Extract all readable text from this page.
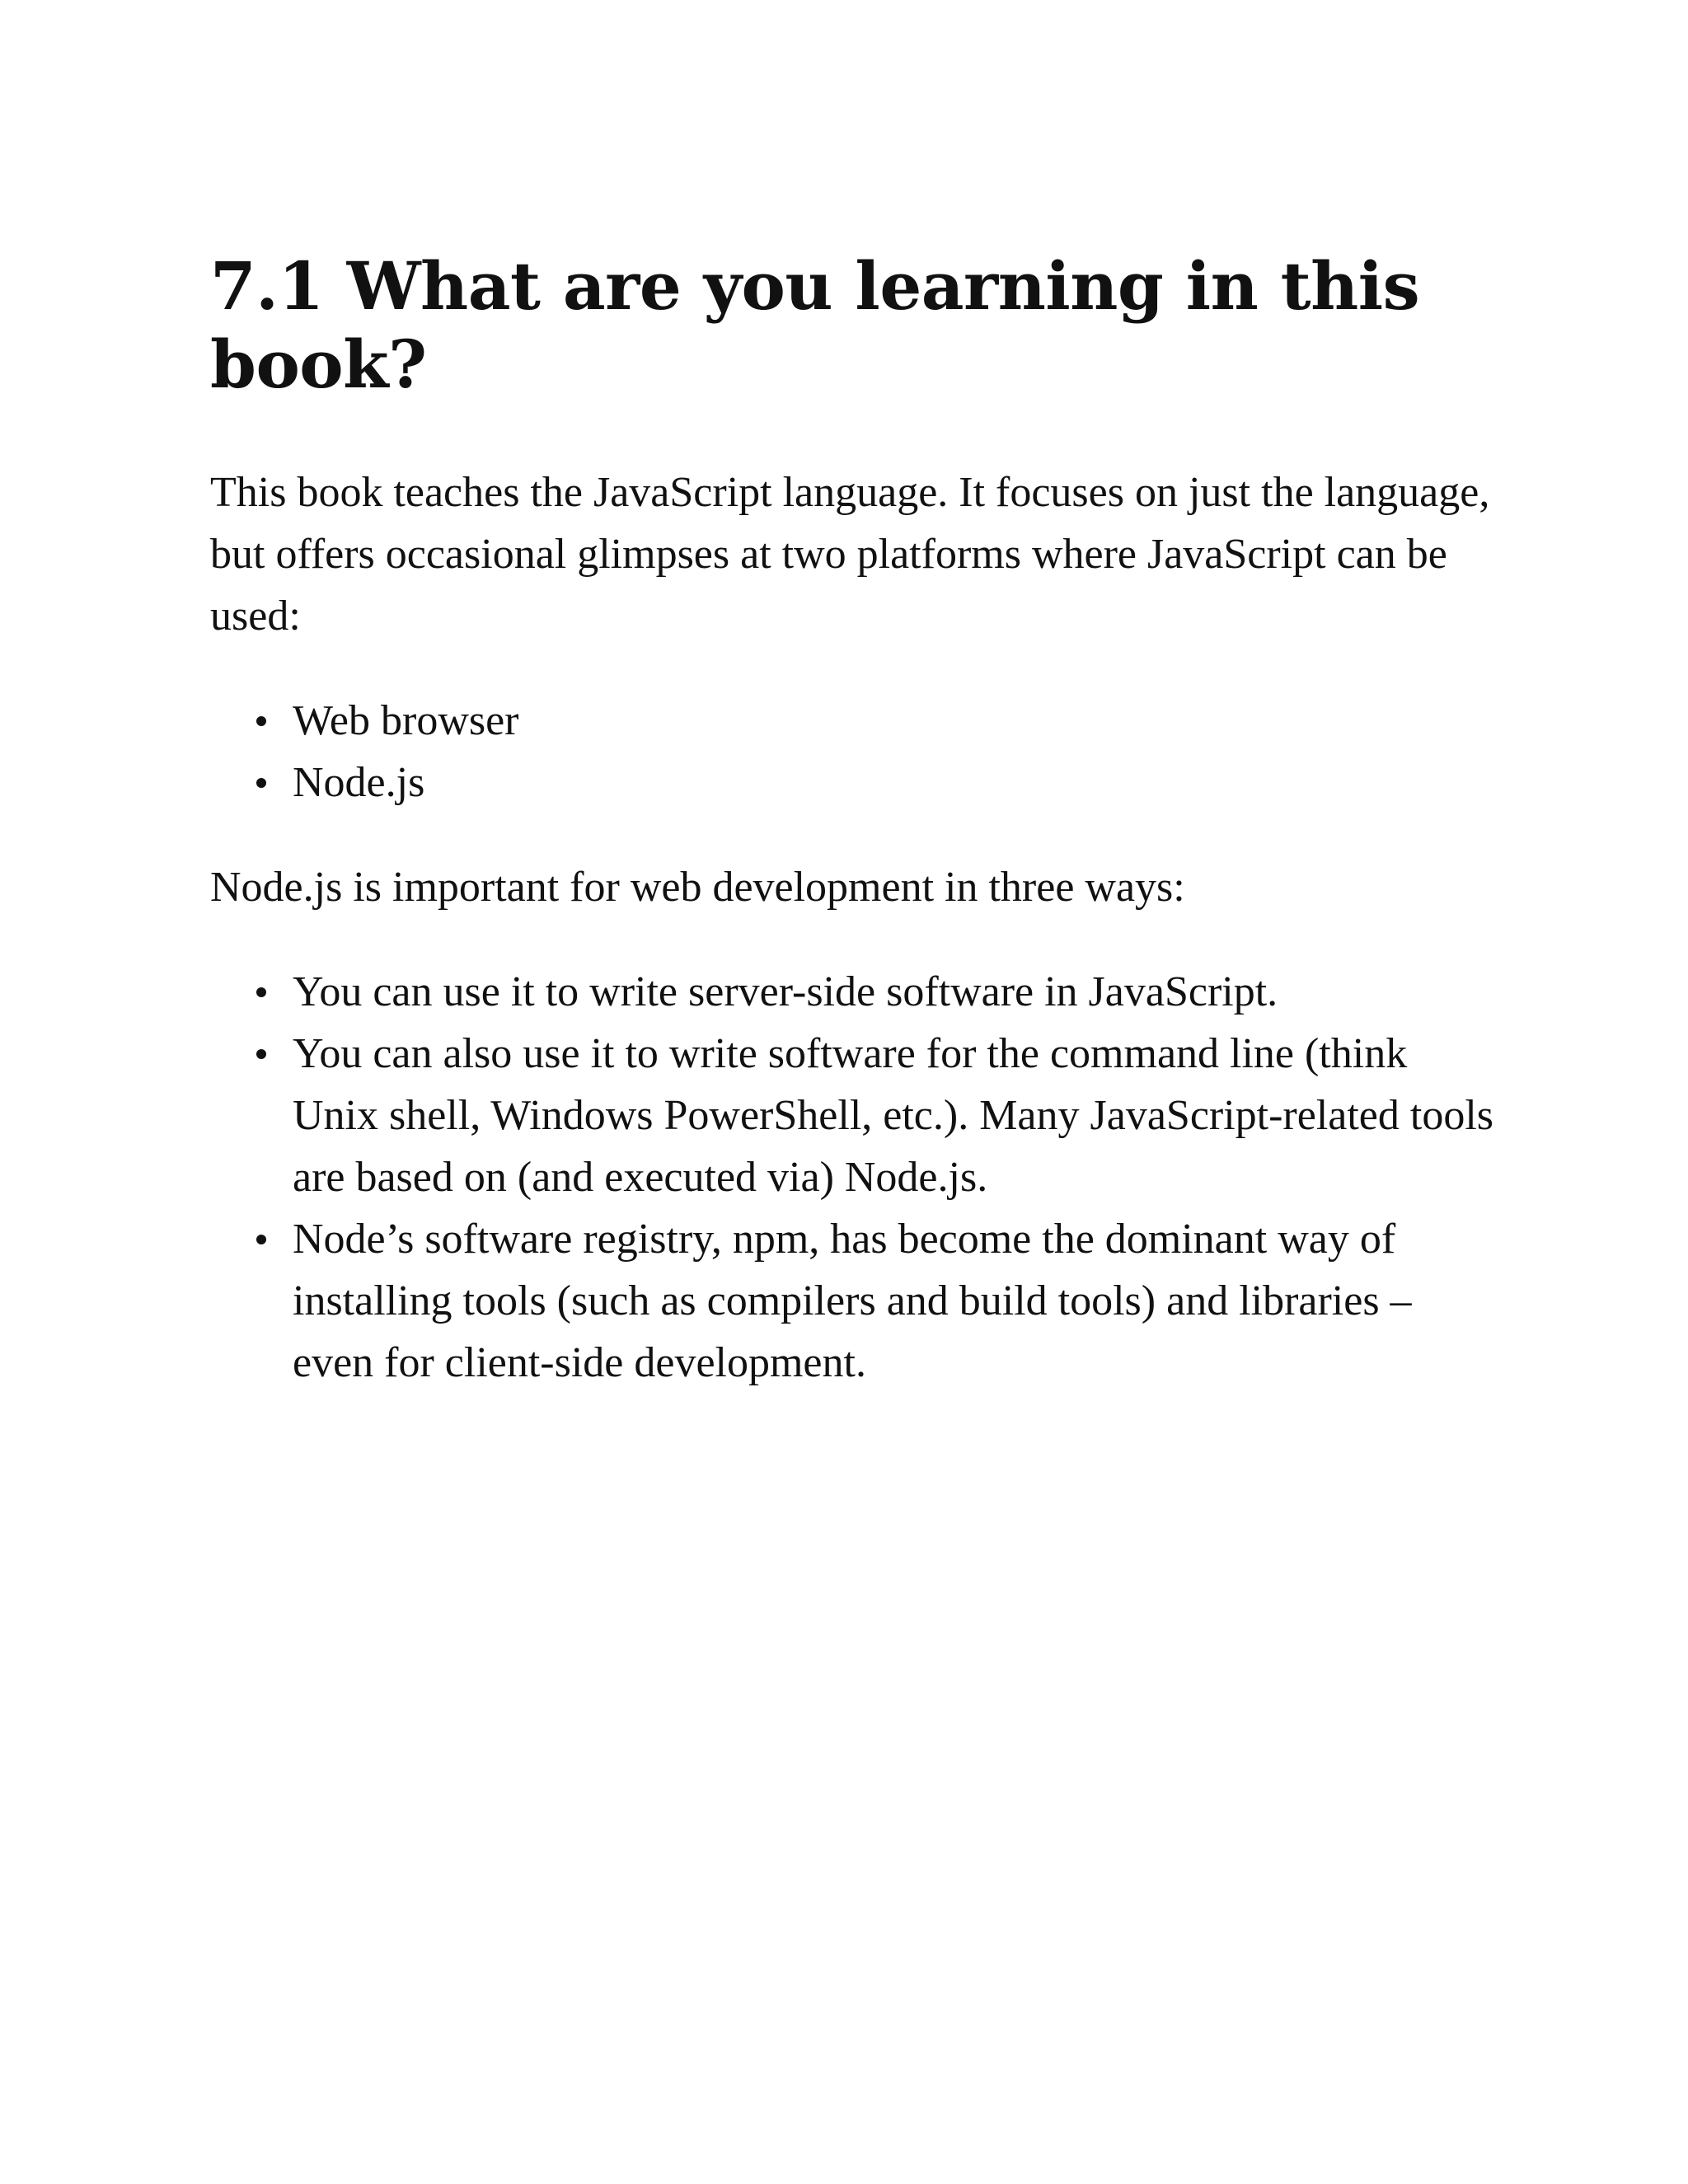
7.1 What are you learning in this book?

This book teaches the JavaScript language. It focuses on just the language, but offers occasional glimpses at two platforms where JavaScript can be used:

Web browser
Node.js

Node.js is important for web development in three ways:

You can use it to write server-side software in JavaScript.
You can also use it to write software for the command line (think Unix shell, Windows PowerShell, etc.). Many JavaScript-related tools are based on (and executed via) Node.js.
Node’s software registry, npm, has become the dominant way of installing tools (such as compilers and build tools) and libraries – even for client-side development.
